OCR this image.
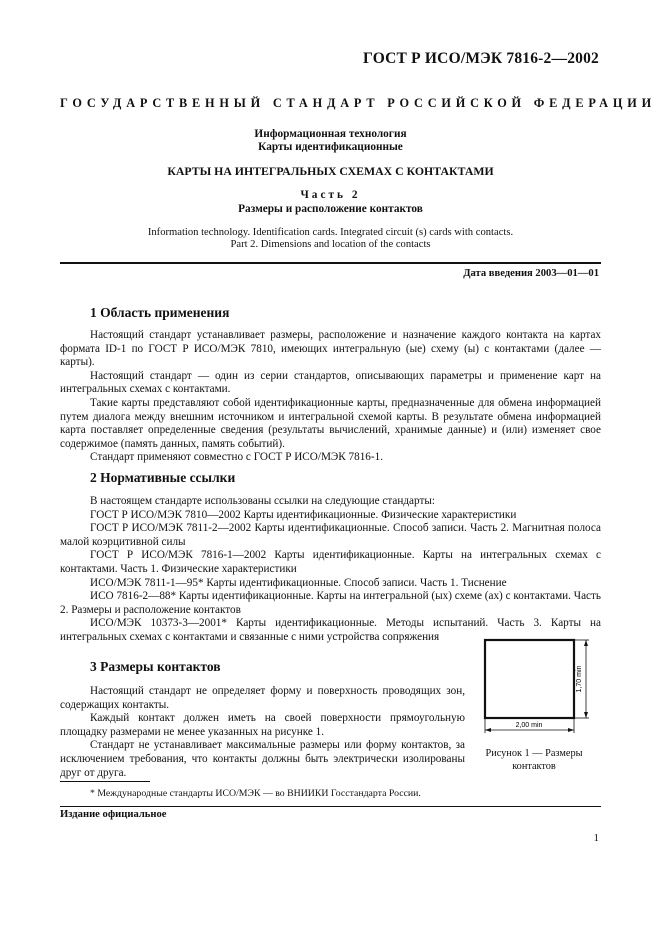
ГОСТ Р ИСО/МЭК 7816-2—2002
ГОСУДАРСТВЕННЫЙ СТАНДАРТ РОССИЙСКОЙ ФЕДЕРАЦИИ
Информационная технология
Карты идентификационные
КАРТЫ НА ИНТЕГРАЛЬНЫХ СХЕМАХ С КОНТАКТАМИ
Часть 2
Размеры и расположение контактов
Information technology. Identification cards. Integrated circuit (s) cards with contacts.
Part 2. Dimensions and location of the contacts
Дата введения 2003—01—01
1 Область применения
Настоящий стандарт устанавливает размеры, расположение и назначение каждого контакта на картах формата ID-1 по ГОСТ Р ИСО/МЭК 7810, имеющих интегральную (ые) схему (ы) с контактами (далее — карты).
Настоящий стандарт — один из серии стандартов, описывающих параметры и применение карт на интегральных схемах с контактами.
Такие карты представляют собой идентификационные карты, предназначенные для обмена информацией путем диалога между внешним источником и интегральной схемой карты. В результате обмена информацией карта поставляет определенные сведения (результаты вычислений, хранимые данные) и (или) изменяет свое содержимое (память данных, память событий).
Стандарт применяют совместно с ГОСТ Р ИСО/МЭК 7816-1.
2 Нормативные ссылки
В настоящем стандарте использованы ссылки на следующие стандарты:
ГОСТ Р ИСО/МЭК 7810—2002 Карты идентификационные. Физические характеристики
ГОСТ Р ИСО/МЭК 7811-2—2002 Карты идентификационные. Способ записи. Часть 2. Магнитная полоса малой коэрцитивной силы
ГОСТ Р ИСО/МЭК 7816-1—2002 Карты идентификационные. Карты на интегральных схемах с контактами. Часть 1. Физические характеристики
ИСО/МЭК 7811-1—95* Карты идентификационные. Способ записи. Часть 1. Тиснение
ИСО 7816-2—88* Карты идентификационные. Карты на интегральной (ых) схеме (ах) с контактами. Часть 2. Размеры и расположение контактов
ИСО/МЭК 10373-3—2001* Карты идентификационные. Методы испытаний. Часть 3. Карты на интегральных схемах с контактами и связанные с ними устройства сопряжения
3 Размеры контактов
Настоящий стандарт не определяет форму и поверхность проводящих зон, содержащих контакты.
Каждый контакт должен иметь на своей поверхности прямоугольную площадку размерами не менее указанных на рисунке 1.
Стандарт не устанавливает максимальные размеры или форму контактов, за исключением требования, что контакты должны быть электрически изолированы друг от друга.
1,70 min
2,00 min
Рисунок 1 — Размеры контактов
* Международные стандарты ИСО/МЭК — во ВНИИКИ Госстандарта России.
Издание официальное
1
